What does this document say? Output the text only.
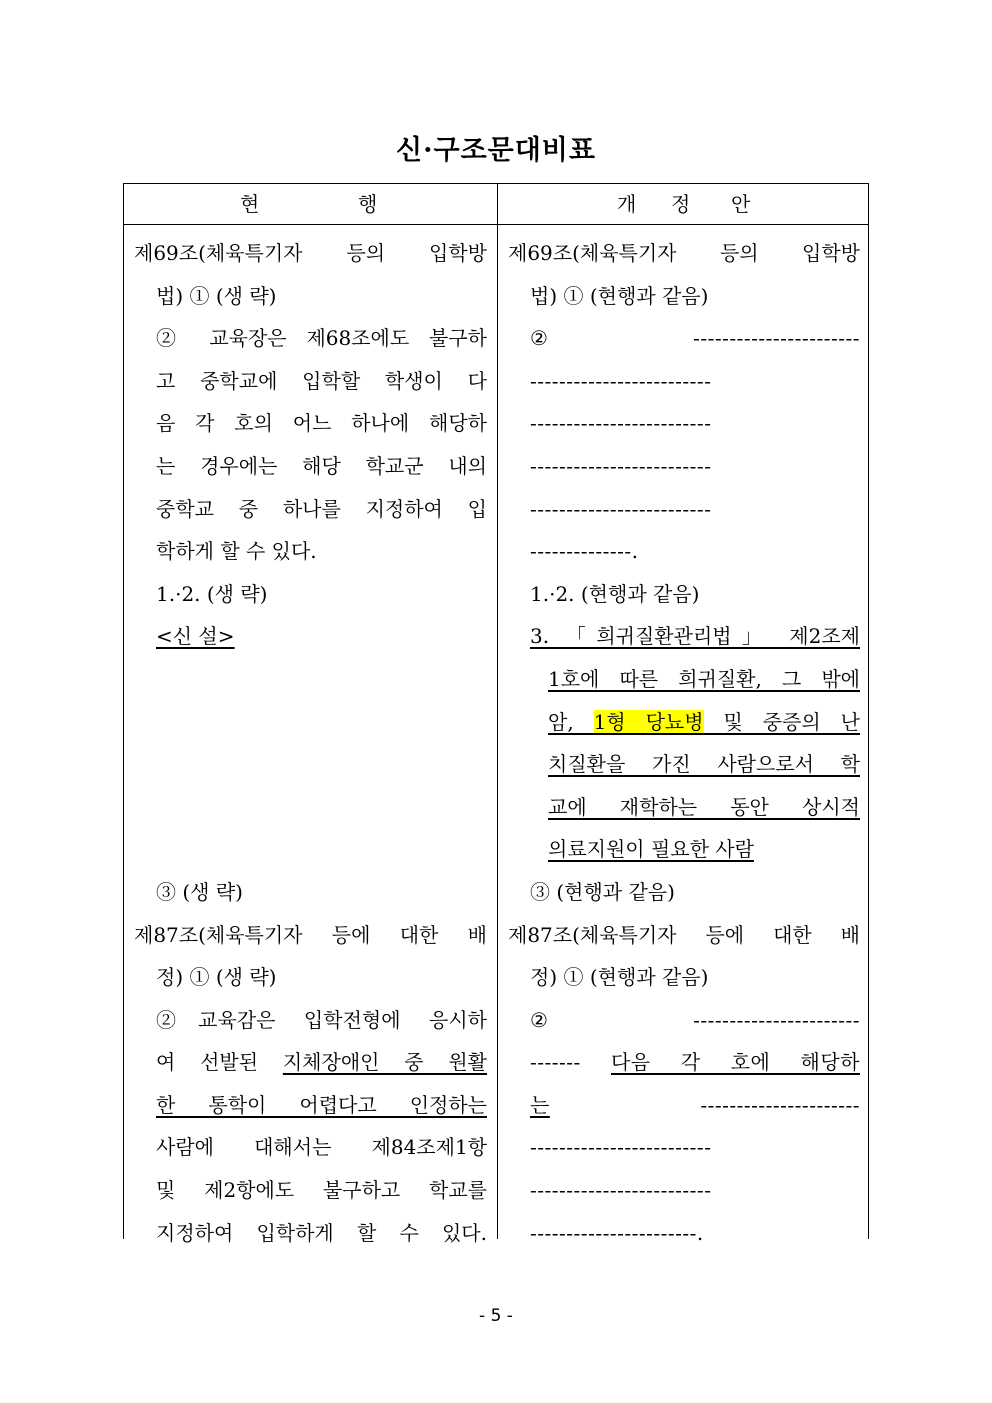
신·구조문대비표
현	행	개 정 안
제69조(체육특기자 등의 입학방
법) ① (생 략)
② 교육장은 제68조에도 불구하
고 중학교에 입학할 학생이 다
음 각 호의 어느 하나에 해당하
는 경우에는 해당 학교군 내의
중학교 중 하나를 지정하여 입
학하게 할 수 있다.
1.·2. (생 략)
<신 설>
③ (생 략)
제87조(체육특기자 등에 대한 배
정) ① (생 략)
②교육감은 입학전형에 응시하
여 선발된 지체장애인 중 원활
한 통학이 어렵다고 인정하는
사람에 대해서는 제84조제1항
및 제2항에도 불구하고 학교를
지정하여 입학하게 할 수 있다.
제69조(체육특기자 등의 입학방
법) ① (현행과 같음)
② -----------------------
-------------------------
-------------------------
-------------------------
-------------------------
--------------.
1.·2. (현행과 같음)
3. 「희귀질환관리법」 제2조제
1호에 따른 희귀질환, 그 밖에
암, 1형 당뇨병 및 중증의 난
치질환을 가진 사람으로서 학
교에 재학하는 동안 상시적
의료지원이 필요한 사람
③ (현행과 같음)
제87조(체육특기자 등에 대한 배
정) ① (현행과 같음)
②-----------------------
------- 다음 각 호에 해당하
는 ----------------------
-------------------------
-------------------------
-----------------------.
- 5 -
